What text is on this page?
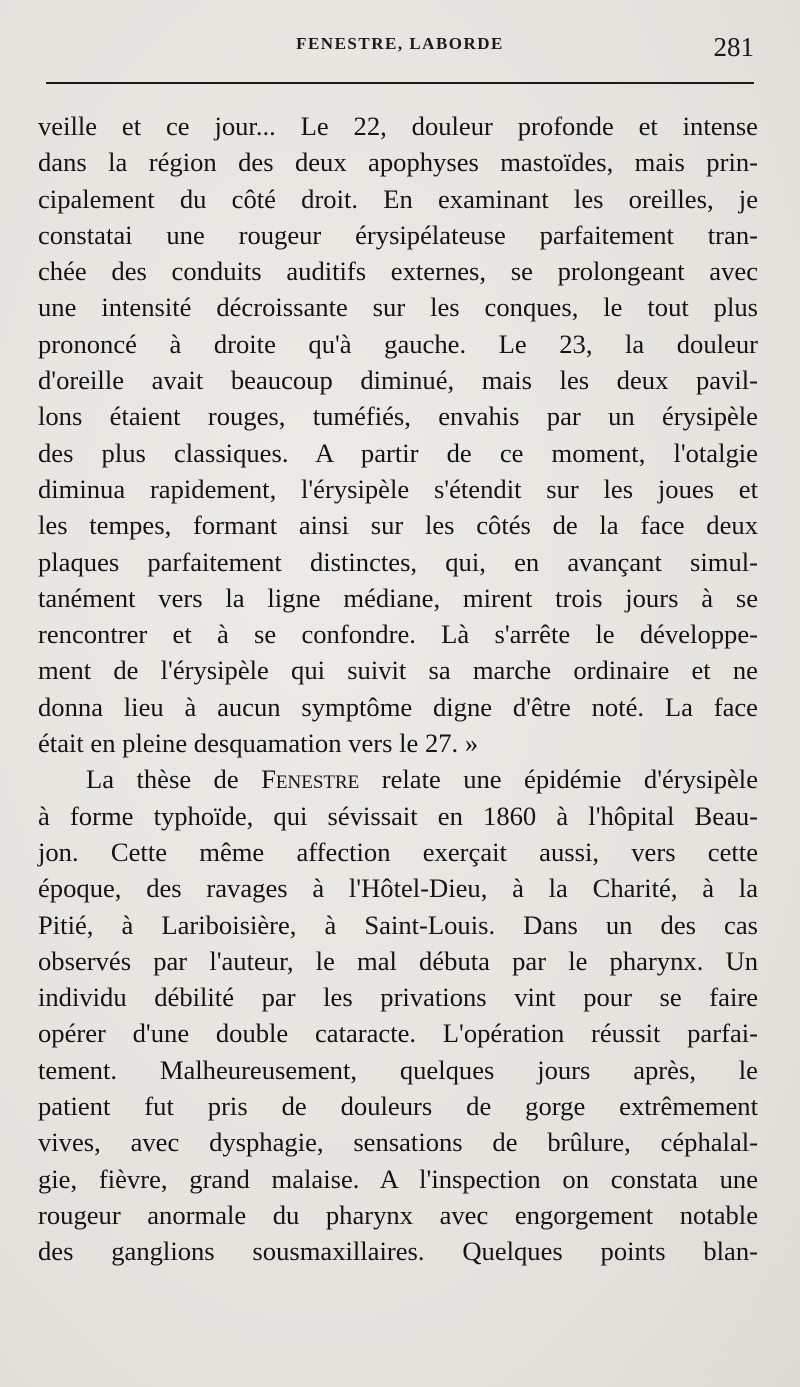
FENESTRE, LABORDE	281
veille et ce jour... Le 22, douleur profonde et intense
dans la région des deux apophyses mastoïdes, mais prin-
cipalement du côté droit. En examinant les oreilles, je
constatai une rougeur érysipélateuse parfaitement tran-
chée des conduits auditifs externes, se prolongeant avec
une intensité décroissante sur les conques, le tout plus
prononcé à droite qu'à gauche. Le 23, la douleur
d'oreille avait beaucoup diminué, mais les deux pavil-
lons étaient rouges, tuméfiés, envahis par un érysipèle
des plus classiques. A partir de ce moment, l'otalgie
diminua rapidement, l'érysipèle s'étendit sur les joues et
les tempes, formant ainsi sur les côtés de la face deux
plaques parfaitement distinctes, qui, en avançant simul-
tanément vers la ligne médiane, mirent trois jours à se
rencontrer et à se confondre. Là s'arrête le développe-
ment de l'érysipèle qui suivit sa marche ordinaire et ne
donna lieu à aucun symptôme digne d'être noté. La face
était en pleine desquamation vers le 27. »
La thèse de Fenestre relate une épidémie d'érysipèle
à forme typhoïde, qui sévissait en 1860 à l'hôpital Beau-
jon. Cette même affection exerçait aussi, vers cette
époque, des ravages à l'Hôtel-Dieu, à la Charité, à la
Pitié, à Lariboisière, à Saint-Louis. Dans un des cas
observés par l'auteur, le mal débuta par le pharynx. Un
individu débilité par les privations vint pour se faire
opérer d'une double cataracte. L'opération réussit parfai-
tement. Malheureusement, quelques jours après, le
patient fut pris de douleurs de gorge extrêmement
vives, avec dysphagie, sensations de brûlure, céphalal-
gie, fièvre, grand malaise. A l'inspection on constata une
rougeur anormale du pharynx avec engorgement notable
des ganglions sousmaxillaires. Quelques points blan-
